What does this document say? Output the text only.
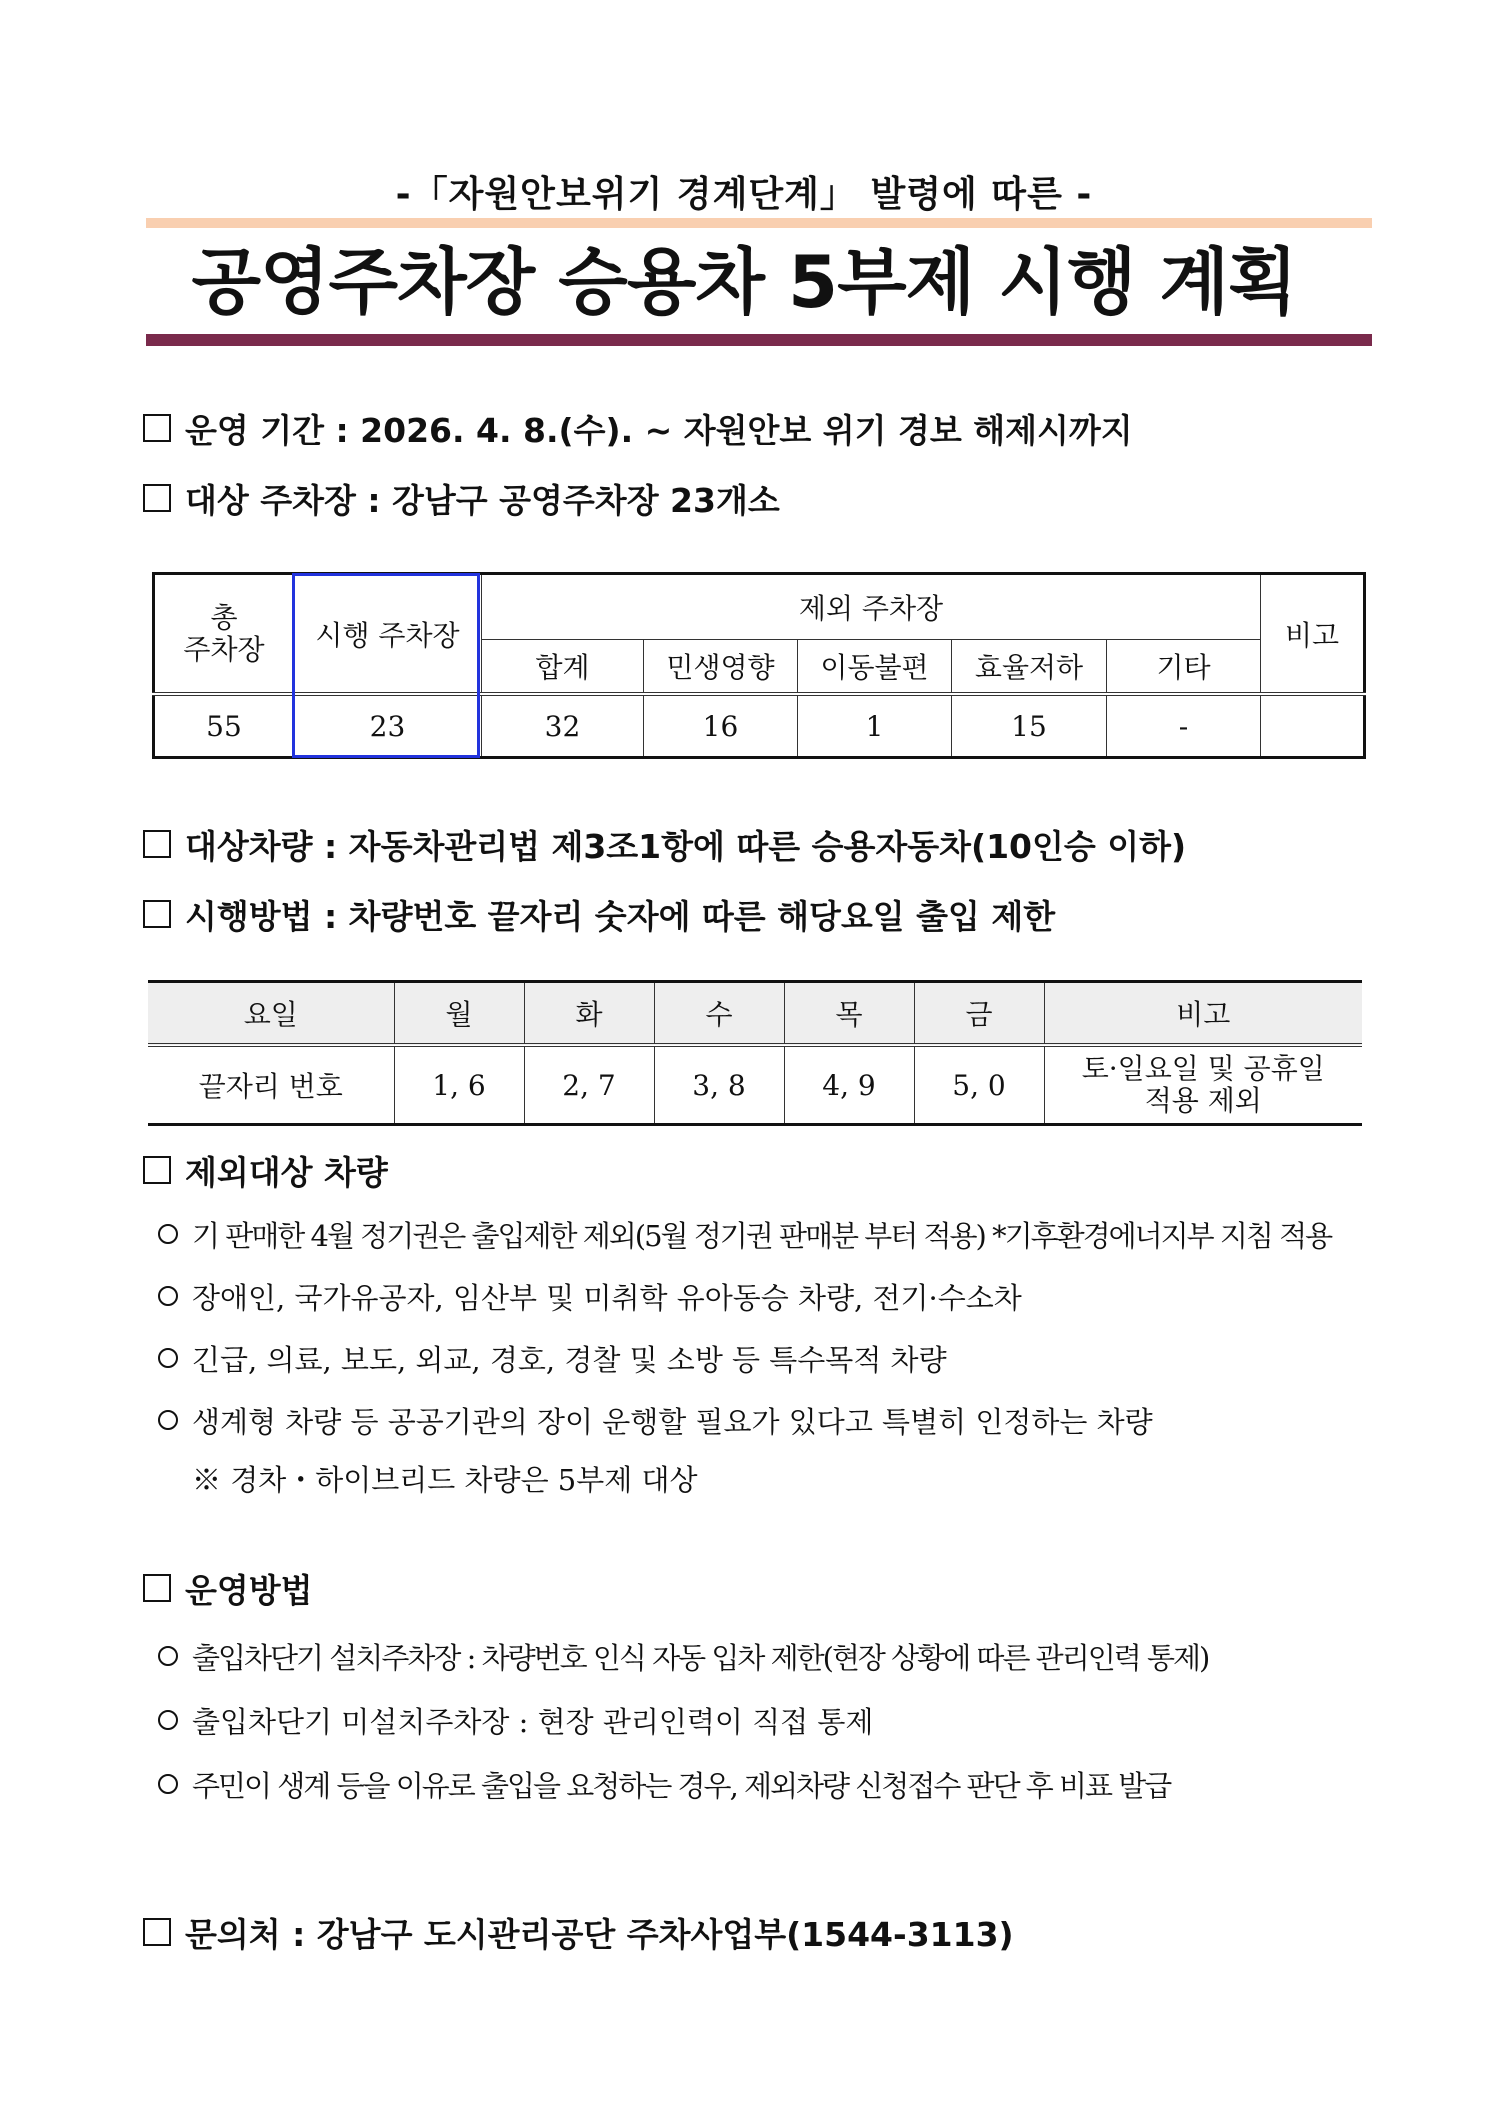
-「자원안보위기 경계단계」 발령에 따른 -
공영주차장 승용차 5부제 시행 계획
운영 기간 : 2026. 4. 8.(수). ~ 자원안보 위기 경보 해제시까지
대상 주차장 : 강남구 공영주차장 23개소
총
주차장	시행 주차장	제외 주차장					비고
		합계	민생영향	이동불편	효율저하	기타	
55	23	32	16	1	15	-	
대상차량 : 자동차관리법 제3조1항에 따른 승용자동차(10인승 이하)
시행방법 : 차량번호 끝자리 숫자에 따른 해당요일 출입 제한
요일	월	화	수	목	금	비고
끝자리 번호	1, 6	2, 7	3, 8	4, 9	5, 0	토·일요일 및 공휴일
적용 제외
제외대상 차량
기 판매한 4월 정기권은 출입제한 제외(5월 정기권 판매분 부터 적용) *기후환경에너지부 지침 적용
장애인, 국가유공자, 임산부 및 미취학 유아동승 차량, 전기·수소차
긴급, 의료, 보도, 외교, 경호, 경찰 및 소방 등 특수목적 차량
생계형 차량 등 공공기관의 장이 운행할 필요가 있다고 특별히 인정하는 차량
※ 경차・하이브리드 차량은 5부제 대상
운영방법
출입차단기 설치주차장 : 차량번호 인식 자동 입차 제한(현장 상황에 따른 관리인력 통제)
출입차단기 미설치주차장 : 현장 관리인력이 직접 통제
주민이 생계 등을 이유로 출입을 요청하는 경우, 제외차량 신청접수 판단 후 비표 발급
문의처 : 강남구 도시관리공단 주차사업부(1544-3113)
